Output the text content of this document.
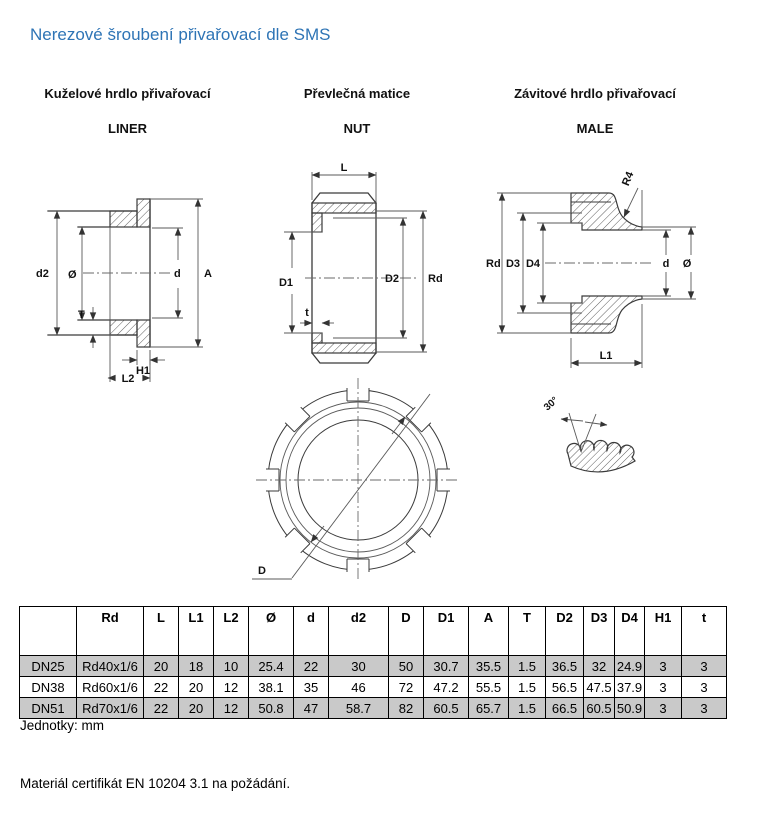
Nerezové šroubení přivařovací dle SMS
Kuželové hrdlo přivařovací	Převlečná matice	Závitové hrdlo přivařovací
LINER	NUT	MALE
d2 Ø
T
d A
H1
L2
L
D1
t
D2	Rd
Rd D3 D4	d Ø
L1
R4
D
30°
	Rd	L	L1	L2	Ø	d	d2	D	D1	A	T	D2	D3	D4	H1	t
DN25	Rd40x1/6	20	18	10	25.4	22	30	50	30.7	35.5	1.5	36.5	32	24.9	3	3
DN38	Rd60x1/6	22	20	12	38.1	35	46	72	47.2	55.5	1.5	56.5	47.5	37.9	3	3
DN51	Rd70x1/6	22	20	12	50.8	47	58.7	82	60.5	65.7	1.5	66.5	60.5	50.9	3	3
Jednotky: mm
Materiál certifikát EN 10204 3.1 na požádání.
